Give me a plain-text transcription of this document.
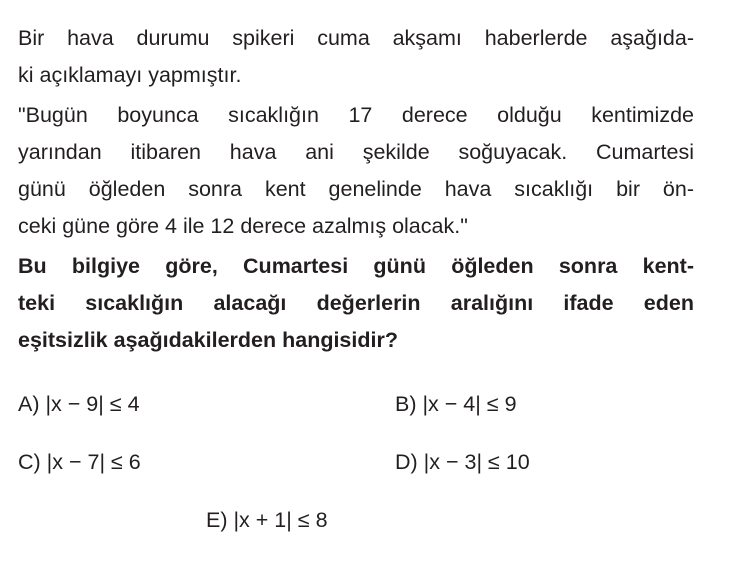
Bir hava durumu spikeri cuma akşamı haberlerde aşağıda-
ki açıklamayı yapmıştır.
"Bugün boyunca sıcaklığın 17 derece olduğu kentimizde
yarından itibaren hava ani şekilde soğuyacak. Cumartesi
günü öğleden sonra kent genelinde hava sıcaklığı bir ön-
ceki güne göre 4 ile 12 derece azalmış olacak."
Bu bilgiye göre, Cumartesi günü öğleden sonra kent-
teki sıcaklığın alacağı değerlerin aralığını ifade eden
eşitsizlik aşağıdakilerden hangisidir?
A) |x − 9| ≤ 4	B) |x − 4| ≤ 9
C) |x − 7| ≤ 6	D) |x − 3| ≤ 10
E) |x + 1| ≤ 8
